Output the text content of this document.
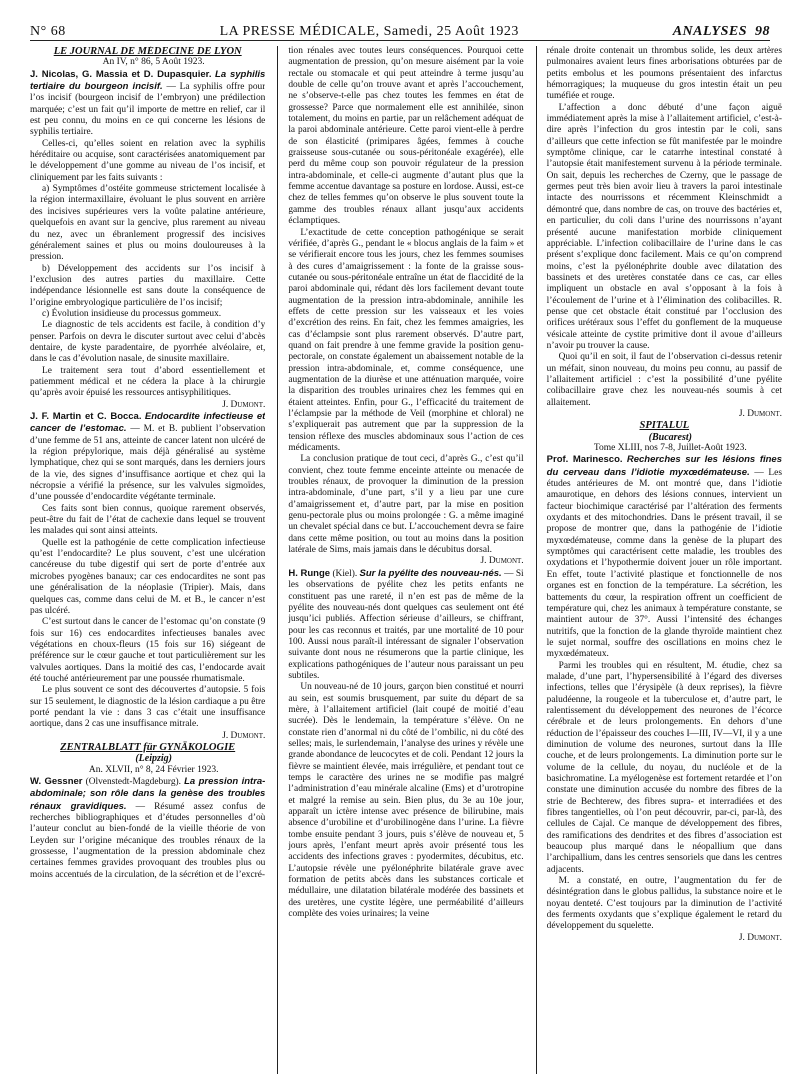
N° 68	LA PRESSE MÉDICALE, Samedi, 25 Août 1923	ANALYSES 98

LE JOURNAL DE MÉDECINE DE LYON

An IV, n° 86, 5 Août 1923.

J. Nicolas, G. Massia et D. Dupasquier. La syphilis tertiaire du bourgeon incisif. — La syphilis offre pour l’os incisif (bourgeon incisif de l’embryon) une prédilection marquée; c’est un fait qu’il importe de mettre en relief, car il est peu connu, du moins en ce qui concerne les lésions de syphilis tertiaire.

Celles-ci, qu’elles soient en relation avec la syphilis héréditaire ou acquise, sont caractérisées anatomiquement par le développement d’une gomme au niveau de l’os incisif, et cliniquement par les faits suivants :

a) Symptômes d’ostéite gommeuse strictement localisée à la région intermaxillaire, évoluant le plus souvent en arrière des incisives supérieures vers la voûte palatine antérieure, quelquefois en avant sur la gencive, plus rarement au niveau du nez, avec un ébranlement progressif des incisives généralement saines et plus ou moins douloureuses à la pression.

b) Développement des accidents sur l’os incisif à l’exclusion des autres parties du maxillaire. Cette indépendance lésionnelle est sans doute la conséquence de l’origine embryologique particulière de l’os incisif;

c) Évolution insidieuse du processus gommeux.

Le diagnostic de tels accidents est facile, à condition d’y penser. Parfois on devra le discuter surtout avec celui d’abcès dentaire, de kyste paradentaire, de pyorrhée alvéolaire, et, dans le cas d’évolution nasale, de sinusite maxillaire.

Le traitement sera tout d’abord essentiellement et patiemment médical et ne cédera la place à la chirurgie qu’après avoir épuisé les ressources antisyphilitiques.

J. Dumont.

J. F. Martin et C. Bocca. Endocardite infectieuse et cancer de l’estomac. — M. et B. publient l’observation d’une femme de 51 ans, atteinte de cancer latent non ulcéré de la région prépylorique, mais déjà généralisé au système lymphatique, chez qui se sont marqués, dans les derniers jours de la vie, des signes d’insuffisance aortique et chez qui la nécropsie a vérifié la présence, sur les valvules sigmoïdes, d’une poussée d’endocardite végétante terminale.

Ces faits sont bien connus, quoique rarement observés, peut-être du fait de l’état de cachexie dans lequel se trouvent les malades qui sont ainsi atteints.

Quelle est la pathogénie de cette complication infectieuse qu’est l’endocardite? Le plus souvent, c’est une ulcération cancéreuse du tube digestif qui sert de porte d’entrée aux microbes pyogènes banaux; car ces endocardites ne sont pas une généralisation de la néoplasie (Tripier). Mais, dans quelques cas, comme dans celui de M. et B., le cancer n’est pas ulcéré.

C’est surtout dans le cancer de l’estomac qu’on constate (9 fois sur 16) ces endocardites infectieuses banales avec végétations en choux-fleurs (15 fois sur 16) siégeant de préférence sur le cœur gauche et tout particulièrement sur les valvules aortiques. Dans la moitié des cas, l’endocarde avait été touché antérieurement par une poussée rhumatismale.

Le plus souvent ce sont des découvertes d’autopsie. 5 fois sur 15 seulement, le diagnostic de la lésion cardiaque a pu être porté pendant la vie : dans 3 cas c’était une insuffisance aortique, dans 2 cas une insuffisance mitrale.

J. Dumont.

ZENTRALBLATT für GYNÄKOLOGIE

(Leipzig)

An. XLVII, n° 8, 24 Février 1923.

W. Gessner (Olvenstedt-Magdeburg). La pression intra-abdominale; son rôle dans la genèse des troubles rénaux gravidiques. — Résumé assez confus de recherches bibliographiques et d’études personnelles d’où l’auteur conclut au bien-fondé de la vieille théorie de von Leyden sur l’origine mécanique des troubles rénaux de la grossesse, l’augmentation de la pression abdominale chez certaines femmes gravides provoquant des troubles plus ou moins accentués de la circulation, de la sécrétion et de l’excré-

tion rénales avec toutes leurs conséquences. Pourquoi cette augmentation de pression, qu’on mesure aisément par la voie rectale ou stomacale et qui peut atteindre à terme jusqu’au double de celle qu’on trouve avant et après l’accouchement, ne s’observe-t-elle pas chez toutes les femmes en état de grossesse? Parce que normalement elle est annihilée, sinon totalement, du moins en partie, par un relâchement adéquat de la paroi abdominale antérieure. Cette paroi vient-elle à perdre de son élasticité (primipares âgées, femmes à couche graisseuse sous-cutanée ou sous-péritonéale exagérée), elle perd du même coup son pouvoir régulateur de la pression intra-abdominale, et celle-ci augmente d’autant plus que la femme accentue davantage sa posture en lordose. Aussi, est-ce chez de telles femmes qu’on observe le plus souvent toute la gamme des troubles rénaux allant jusqu’aux accidents éclamptiques.

L’exactitude de cette conception pathogénique se serait vérifiée, d’après G., pendant le « blocus anglais de la faim » et se vérifierait encore tous les jours, chez les femmes soumises à des cures d’amaigrissement : la fonte de la graisse sous-cutanée ou sous-péritonéale entraîne un état de flaccidité de la paroi abdominale qui, rédant dès lors facilement devant toute augmentation de la pression intra-abdominale, annihile les effets de cette pression sur les vaisseaux et les voies d’excrétion des reins. En fait, chez les femmes amaigries, les cas d’éclampsie sont plus rarement observés. D’autre part, quand on fait prendre à une femme gravide la position genu-pectorale, on constate également un abaissement notable de la pression intra-abdominale, et, comme conséquence, une augmentation de la diurèse et une atténuation marquée, voire la disparition des troubles urinaires chez les femmes qui en étaient atteintes. Enfin, pour G., l’efficacité du traitement de l’éclampsie par la méthode de Veil (morphine et chloral) ne s’expliquerait pas autrement que par la suppression de la tension réflexe des muscles abdominaux sous l’action de ces médicaments.

La conclusion pratique de tout ceci, d’après G., c’est qu’il convient, chez toute femme enceinte atteinte ou menacée de troubles rénaux, de provoquer la diminution de la pression intra-abdominale, d’une part, s’il y a lieu par une cure d’amaigrissement et, d’autre part, par la mise en position genu-pectorale plus ou moins prolongée : G. a même imaginé un chevalet spécial dans ce but. L’accouchement devra se faire dans cette même position, ou tout au moins dans la position latérale de Sims, mais jamais dans le décubitus dorsal.

J. Dumont.

H. Runge (Kiel). Sur la pyélite des nouveau-nés. — Si les observations de pyélite chez les petits enfants ne constituent pas une rareté, il n’en est pas de même de la pyélite des nouveau-nés dont quelques cas seulement ont été jusqu’ici publiés. Affection sérieuse d’ailleurs, se chiffrant, pour les cas reconnus et traités, par une mortalité de 10 pour 100. Aussi nous paraît-il intéressant de signaler l’observation suivante dont nous ne résumerons que la partie clinique, les explications pathogéniques de l’auteur nous paraissant un peu subtiles.

Un nouveau-né de 10 jours, garçon bien constitué et nourri au sein, est soumis brusquement, par suite du départ de sa mère, à l’allaitement artificiel (lait coupé de moitié d’eau sucrée). Dès le lendemain, la température s’élève. On ne constate rien d’anormal ni du côté de l’ombilic, ni du côté des selles; mais, le surlendemain, l’analyse des urines y révèle une grande abondance de leucocytes et de coli. Pendant 12 jours la fièvre se maintient élevée, mais irrégulière, et pendant tout ce temps le caractère des urines ne se modifie pas malgré l’administration d’eau minérale alcaline (Ems) et d’urotropine et malgré la remise au sein. Bien plus, du 3e au 10e jour, apparaît un ictère intense avec présence de bilirubine, mais absence d’urobiline et d’urobilinogène dans l’urine. La fièvre tombe ensuite pendant 3 jours, puis s’élève de nouveau et, 5 jours après, l’enfant meurt après avoir présenté tous les accidents des infections graves : pyodermites, décubitus, etc. L’autopsie révèle une pyélonéphrite bilatérale grave avec formation de petits abcès dans les substances corticale et médullaire, une dilatation bilatérale modérée des bassinets et des uretères, une cystite légère, une perméabilité d’ailleurs complète des voies urinaires; la veine

rénale droite contenait un thrombus solide, les deux artères pulmonaires avaient leurs fines arborisations obturées par de petits embolus et les poumons présentaient des infarctus hémorragiques; la muqueuse du gros intestin était un peu tuméfiée et rouge.

L’affection a donc débuté d’une façon aiguë immédiatement après la mise à l’allaitement artificiel, c’est-à-dire après l’infection du gros intestin par le coli, sans d’ailleurs que cette infection se fût manifestée par le moindre symptôme clinique, car le catarrhe intestinal constaté à l’autopsie était manifestement survenu à la période terminale. On sait, depuis les recherches de Czerny, que le passage de germes peut très bien avoir lieu à travers la paroi intestinale intacte des nourrissons et récemment Kleinschmidt a démontré que, dans nombre de cas, on trouve des bactéries et, en particulier, du coli dans l’urine des nourrissons n’ayant présenté aucune manifestation morbide cliniquement appréciable. L’infection colibacillaire de l’urine dans le cas présent s’explique donc facilement. Mais ce qu’on comprend moins, c’est la pyélonéphrite double avec dilatation des bassinets et des uretères constatée dans ce cas, car elles impliquent un obstacle en aval s’opposant à la fois à l’écoulement de l’urine et à l’élimination des colibacilles. R. pense que cet obstacle était constitué par l’occlusion des orifices urétéraux sous l’effet du gonflement de la muqueuse vésicale atteinte de cystite primitive dont il avoue d’ailleurs n’avoir pu trouver la cause.

Quoi qu’il en soit, il faut de l’observation ci-dessus retenir un méfait, sinon nouveau, du moins peu connu, au passif de l’allaitement artificiel : c’est la possibilité d’une pyélite colibacillaire grave chez les nouveau-nés soumis à cet allaitement.

J. Dumont.

SPITALUL

(Bucarest)

Tome XLIII, nos 7-8, Juillet-Août 1923.

Prof. Marinesco. Recherches sur les lésions fines du cerveau dans l’idiotie myxœdémateuse. — Les études antérieures de M. ont montré que, dans l’idiotie amaurotique, en dehors des lésions connues, intervient un facteur biochimique caractérisé par l’altération des ferments oxydants et des mitochondries. Dans le présent travail, il se propose de montrer que, dans la pathogénie de l’idiotie myxœdémateuse, comme dans la genèse de la plupart des symptômes qui caractérisent cette maladie, les troubles des oxydations et l’hypothermie doivent jouer un rôle important. En effet, toute l’activité plastique et fonctionnelle de nos organes est en fonction de la température. La sécrétion, les battements du cœur, la respiration offrent un coefficient de température qui, chez les animaux à température constante, se maintient autour de 37°. Aussi l’intensité des échanges nutritifs, que la fonction de la glande thyroïde maintient chez le sujet normal, souffre des oscillations en moins chez le myxœdémateux.

Parmi les troubles qui en résultent, M. étudie, chez sa malade, d’une part, l’hypersensibilité à l’égard des diverses infections, telles que l’érysipèle (à deux reprises), la fièvre paludéenne, la rougeole et la tuberculose et, d’autre part, le ralentissement du développement des neurones de l’écorce cérébrale et de leurs prolongements. En dehors d’une réduction de l’épaisseur des couches I—III, IV—VI, il y a une diminution de volume des neurones, surtout dans la IIIe couche, et de leurs prolongements. La diminution porte sur le volume de la cellule, du noyau, du nucléole et de la basichromatine. La myélogenèse est fortement retardée et l’on constate une diminution accusée du nombre des fibres de la strie de Bechterew, des fibres supra- et interradiées et des fibres tangentielles, où l’on peut découvrir, par-ci, par-là, des cellules de Cajal. Ce manque de développement des fibres, des ramifications des dendrites et des fibres d’association est beaucoup plus marqué dans le néopallium que dans l’archipallium, dans les centres sensoriels que dans les centres adjacents.

M. a constaté, en outre, l’augmentation du fer de désintégration dans le globus pallidus, la substance noire et le noyau denteté. C’est toujours par la diminution de l’activité des ferments oxydants que s’explique également le retard du développement du squelette.

J. Dumont.
